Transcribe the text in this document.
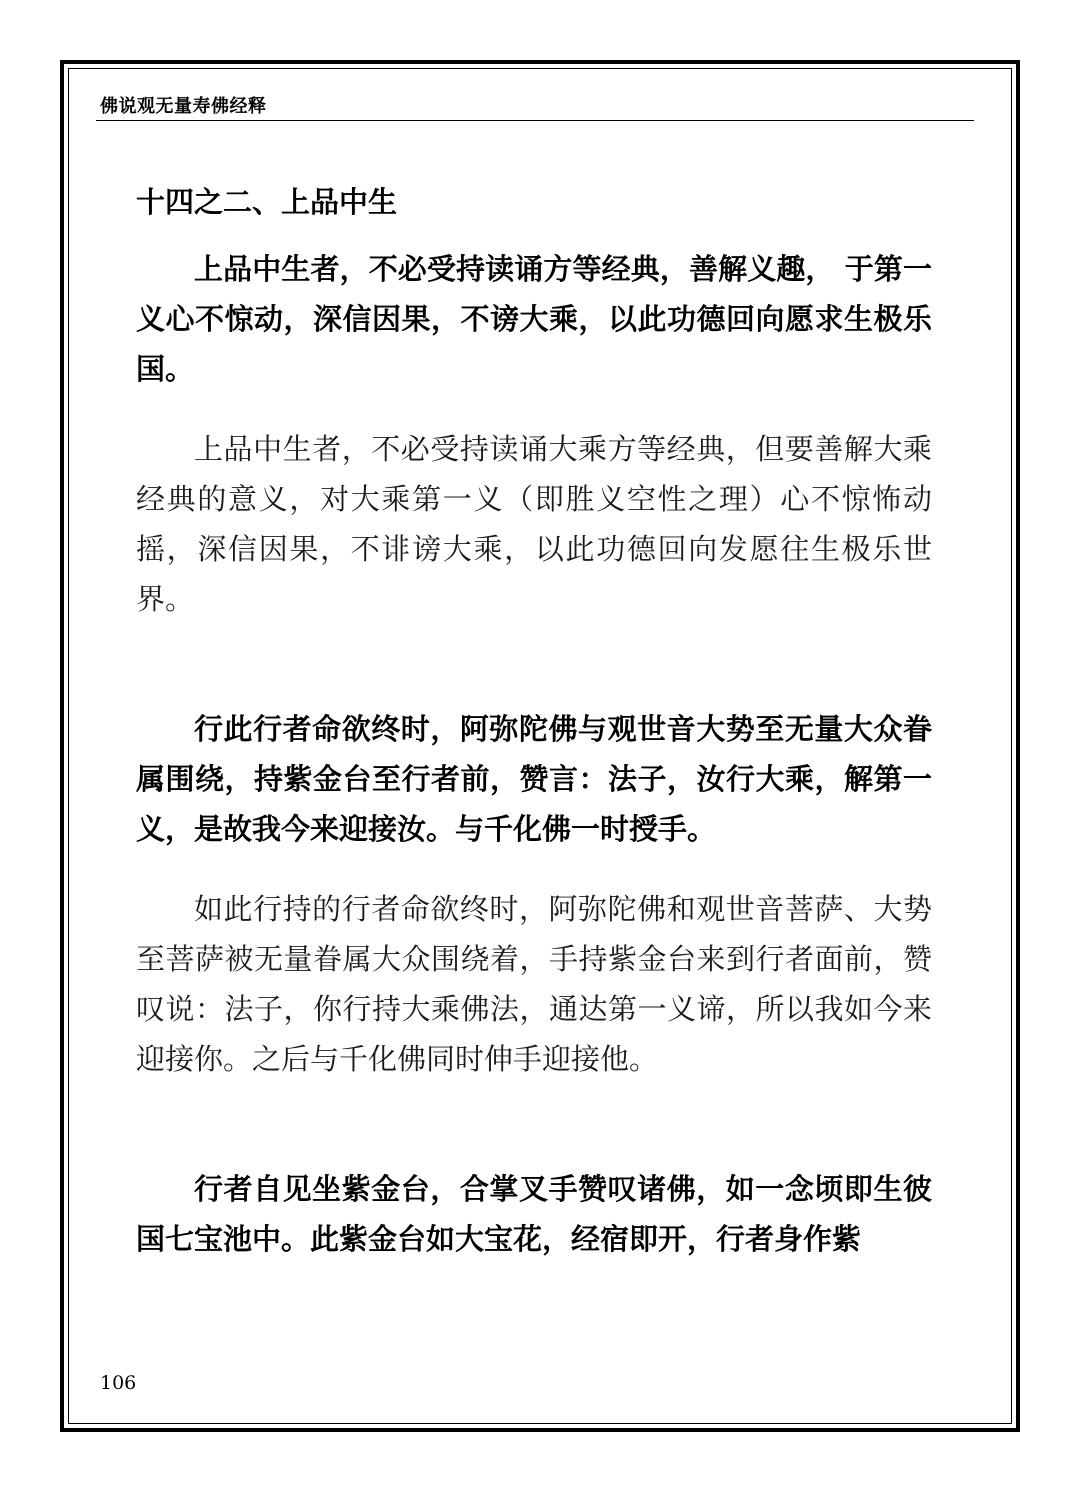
佛说观无量寿佛经释
十四之二、上品中生

上品中生者，不必受持读诵方等经典，善解义趣， 于第一义心不惊动，深信因果，不谤大乘，以此功德回向愿求生极乐国。

上品中生者，不必受持读诵大乘方等经典，但要善解大乘经典的意义，对大乘第一义（即胜义空性之理）心不惊怖动摇，深信因果，不诽谤大乘，以此功德回向发愿往生极乐世界。

行此行者命欲终时，阿弥陀佛与观世音大势至无量大众眷属围绕，持紫金台至行者前，赞言：法子，汝行大乘，解第一义，是故我今来迎接汝。与千化佛一时授手。

如此行持的行者命欲终时，阿弥陀佛和观世音菩萨、大势至菩萨被无量眷属大众围绕着，手持紫金台来到行者面前，赞叹说：法子，你行持大乘佛法，通达第一义谛，所以我如今来迎接你。之后与千化佛同时伸手迎接他。

行者自见坐紫金台，合掌叉手赞叹诸佛，如一念顷即生彼国七宝池中。此紫金台如大宝花，经宿即开，行者身作紫

106
